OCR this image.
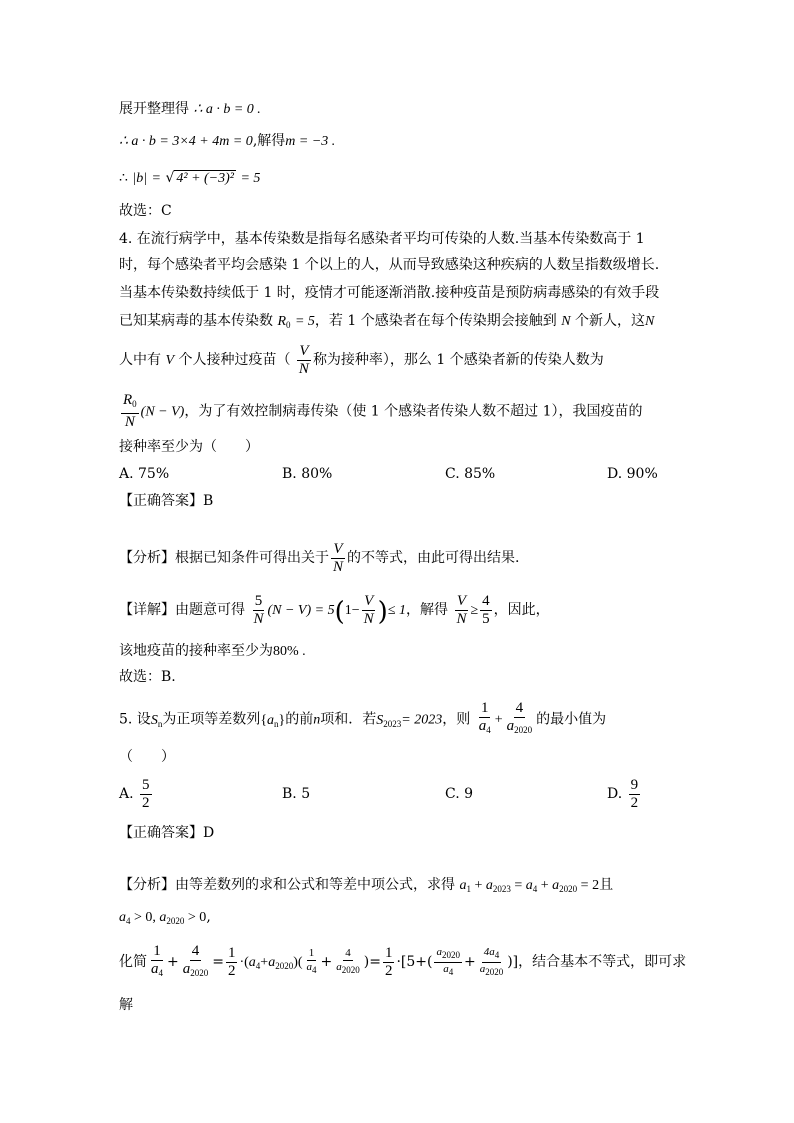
展开整理得 ∴ a · b = 0 .
∴ a · b = 3×4 + 4m = 0,解得m = −3 .
∴ |b| = √ 4² + (−3)² = 5
故选：C
4. 在流行病学中，基本传染数是指每名感染者平均可传染的人数.当基本传染数高于 1
时，每个感染者平均会感染 1 个以上的人，从而导致感染这种疾病的人数呈指数级增长.
当基本传染数持续低于 1 时，疫情才可能逐渐消散.接种疫苗是预防病毒感染的有效手段
已知某病毒的基本传染数 $R_0 = 5$，若 1 个感染者在每个传染期会接触到 N 个新人，这N
人中有 V 个人接种过疫苗（ $\frac{V}{N}$ 称为接种率），那么 1 个感染者新的传染人数为
$\frac{R_0}{N} (N - V)$，为了有效控制病毒传染（使 1 个感染者传染人数不超过 1），我国疫苗的
接种率至少为（　　）
A. 75%	B. 80%	C. 85%	D. 90%
【正确答案】B
【分析】根据已知条件可得出关于 $\frac{V}{N}$ 的不等式，由此可得出结果.
【详解】由题意可得 $\frac{5}{N} (N - V) = 5(1- \frac{V}{N}$ )≤ 1，解得 $\frac{V}{N} \ge \frac{4}{5}$ ，因此，
该地疫苗的接种率至少为80% .
故选：B.
5. 设$S_n$为正项等差数列$\{a_n\}$的前n项和．若$S_{2023}= 2023$，则 $\frac{1}{a_4} + \frac{4}{a_{2020}}$ 的最小值为
（　　）
A. $\frac{5}{2}$	B. 5	C. 9	D. $\frac{9}{2}$
【正确答案】D
【分析】由等差数列的求和公式和等差中项公式，求得 $a_1 + a_{2023} = a_4 + a_{2020} = 2$且
$a_4 > 0$, $a_{2020} > 0$,
化简 $\frac{1}{a_4} + \frac{4}{a_{2020}} = \frac{1}{2} \cdot(a_4+a_{2020})( \frac{1}{a_4} + \frac{4}{a_{2020}}$ )= $\frac{1}{2} \cdot[5+( \frac{a_{2020}}{a_4} + \frac{4a_4}{a_{2020}}$ )]，结合基本不等式，即可求
解
